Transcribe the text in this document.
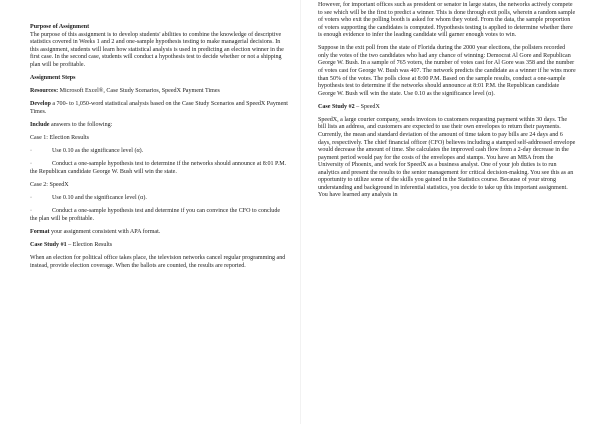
Purpose of Assignment

The purpose of this assignment is to develop students' abilities to combine the knowledge of descriptive statistics covered in Weeks 1 and 2 and one-sample hypothesis testing to make managerial decisions. In this assignment, students will learn how statistical analysis is used in predicting an election winner in the first case. In the second case, students will conduct a hypothesis test to decide whether or not a shipping plan will be profitable.

Assignment Steps

Resources: Microsoft Excel®, Case Study Scenarios, SpeedX Payment Times

Develop a 700- to 1,050-word statistical analysis based on the Case Study Scenarios and SpeedX Payment Times.

Include answers to the following:

Case 1: Election Results

·	Use 0.10 as the significance level (α).

·	Conduct a one-sample hypothesis test to determine if the networks should announce at 8:01 P.M. the Republican candidate George W. Bush will win the state.

Case 2: SpeedX

·	Use 0.10 and the significance level (α).

·	Conduct a one-sample hypothesis test and determine if you can convince the CFO to conclude the plan will be profitable.

Format your assignment consistent with APA format.

Case Study #1 – Election Results

When an election for political office takes place, the television networks cancel regular programming and instead, provide election coverage. When the ballots are counted, the results are reported.

However, for important offices such as president or senator in large states, the networks actively compete to see which will be the first to predict a winner. This is done through exit polls, wherein a random sample of voters who exit the polling booth is asked for whom they voted. From the data, the sample proportion of voters supporting the candidates is computed. Hypothesis testing is applied to determine whether there is enough evidence to infer the leading candidate will garner enough votes to win.

Suppose in the exit poll from the state of Florida during the 2000 year elections, the pollsters recorded only the votes of the two candidates who had any chance of winning: Democrat Al Gore and Republican George W. Bush. In a sample of 765 voters, the number of votes cast for Al Gore was 358 and the number of votes cast for George W. Bush was 407. The network predicts the candidate as a winner if he wins more than 50% of the votes. The polls close at 8:00 P.M. Based on the sample results, conduct a one-sample hypothesis test to determine if the networks should announce at 8:01 P.M. the Republican candidate George W. Bush will win the state. Use 0.10 as the significance level (α).

Case Study #2 – SpeedX

SpeedX, a large courier company, sends invoices to customers requesting payment within 30 days. The bill lists an address, and customers are expected to use their own envelopes to return their payments. Currently, the mean and standard deviation of the amount of time taken to pay bills are 24 days and 6 days, respectively. The chief financial officer (CFO) believes including a stamped self-addressed envelope would decrease the amount of time. She calculates the improved cash flow from a 2-day decrease in the payment period would pay for the costs of the envelopes and stamps. You have an MBA from the University of Phoenix, and work for SpeedX as a business analyst. One of your job duties is to run analytics and present the results to the senior management for critical decision-making. You see this as an opportunity to utilize some of the skills you gained in the Statistics course. Because of your strong understanding and background in inferential statistics, you decide to take up this important assignment. You have learned any analysis in
